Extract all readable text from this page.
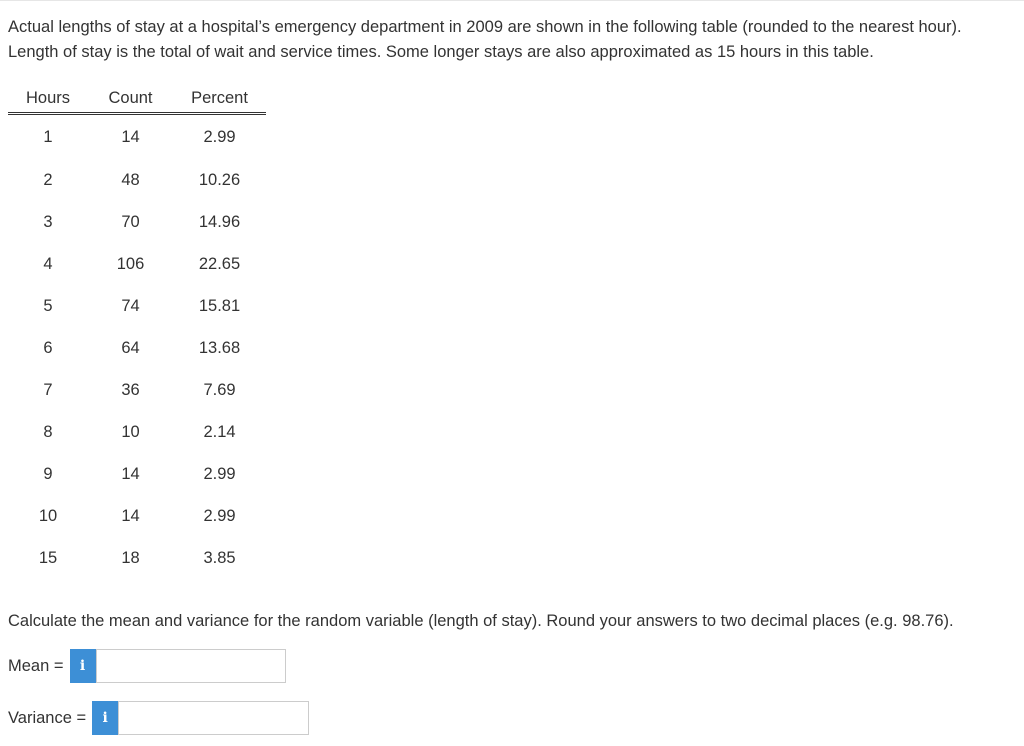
Actual lengths of stay at a hospital’s emergency department in 2009 are shown in the following table (rounded to the nearest hour). Length of stay is the total of wait and service times. Some longer stays are also approximated as 15 hours in this table.

Hours	Count	Percent
1	14	2.99
2	48	10.26
3	70	14.96
4	106	22.65
5	74	15.81
6	64	13.68
7	36	7.69
8	10	2.14
9	14	2.99
10	14	2.99
15	18	3.85

Calculate the mean and variance for the random variable (length of stay). Round your answers to two decimal places (e.g. 98.76).

Mean =	i
Variance =	i
